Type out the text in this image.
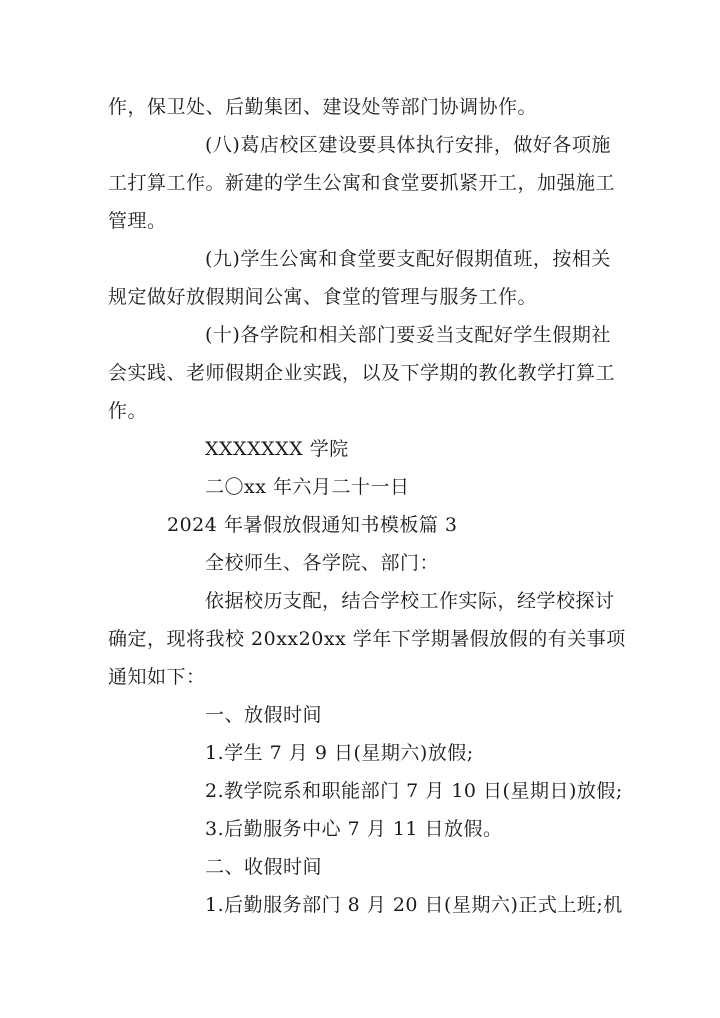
作，保卫处、后勤集团、建设处等部门协调协作。
(八)葛店校区建设要具体执行安排，做好各项施
工打算工作。新建的学生公寓和食堂要抓紧开工，加强施工
管理。
(九)学生公寓和食堂要支配好假期值班，按相关
规定做好放假期间公寓、食堂的管理与服务工作。
(十)各学院和相关部门要妥当支配好学生假期社
会实践、老师假期企业实践，以及下学期的教化教学打算工
作。
XXXXXXX 学院
二〇xx 年六月二十一日
2024 年暑假放假通知书模板篇 3
全校师生、各学院、部门：
依据校历支配，结合学校工作实际，经学校探讨
确定，现将我校 20xx20xx 学年下学期暑假放假的有关事项
通知如下：
一、放假时间
1.学生 7 月 9 日(星期六)放假;
2.教学院系和职能部门 7 月 10 日(星期日)放假;
3.后勤服务中心 7 月 11 日放假。
二、收假时间
1.后勤服务部门 8 月 20 日(星期六)正式上班;机
